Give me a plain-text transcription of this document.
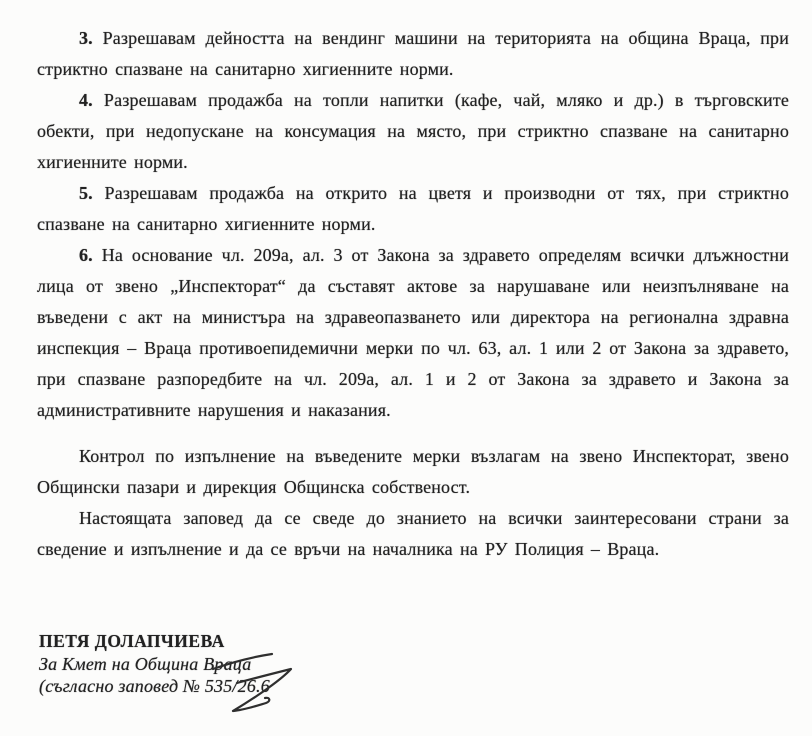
3. Разрешавам дейността на вендинг машини на територията на община Враца, при стриктно спазване на санитарно хигиенните норми.

4. Разрешавам продажба на топли напитки (кафе, чай, мляко и др.) в търговските обекти, при недопускане на консумация на място, при стриктно спазване на санитарно хигиенните норми.

5. Разрешавам продажба на открито на цветя и производни от тях, при стриктно спазване на санитарно хигиенните норми.

6. На основание чл. 209а, ал. 3 от Закона за здравето определям всички длъжностни лица от звено „Инспекторат“ да съставят актове за нарушаване или неизпълняване на въведени с акт на министъра на здравеопазването или директора на регионална здравна инспекция – Враца противоепидемични мерки по чл. 63, ал. 1 или 2 от Закона за здравето, при спазване разпоредбите на чл. 209а, ал. 1 и 2 от Закона за здравето и Закона за административните нарушения и наказания.

Контрол по изпълнение на въведените мерки възлагам на звено Инспекторат, звено Общински пазари и дирекция Общинска собственост.

Настоящата заповед да се сведе до знанието на всички заинтересовани страни за сведение и изпълнение и да се връчи на началника на РУ Полиция – Враца.

ПЕТЯ ДОЛАПЧИЕВА
За Кмет на Община Враца
(съгласно заповед № 535/26.6
